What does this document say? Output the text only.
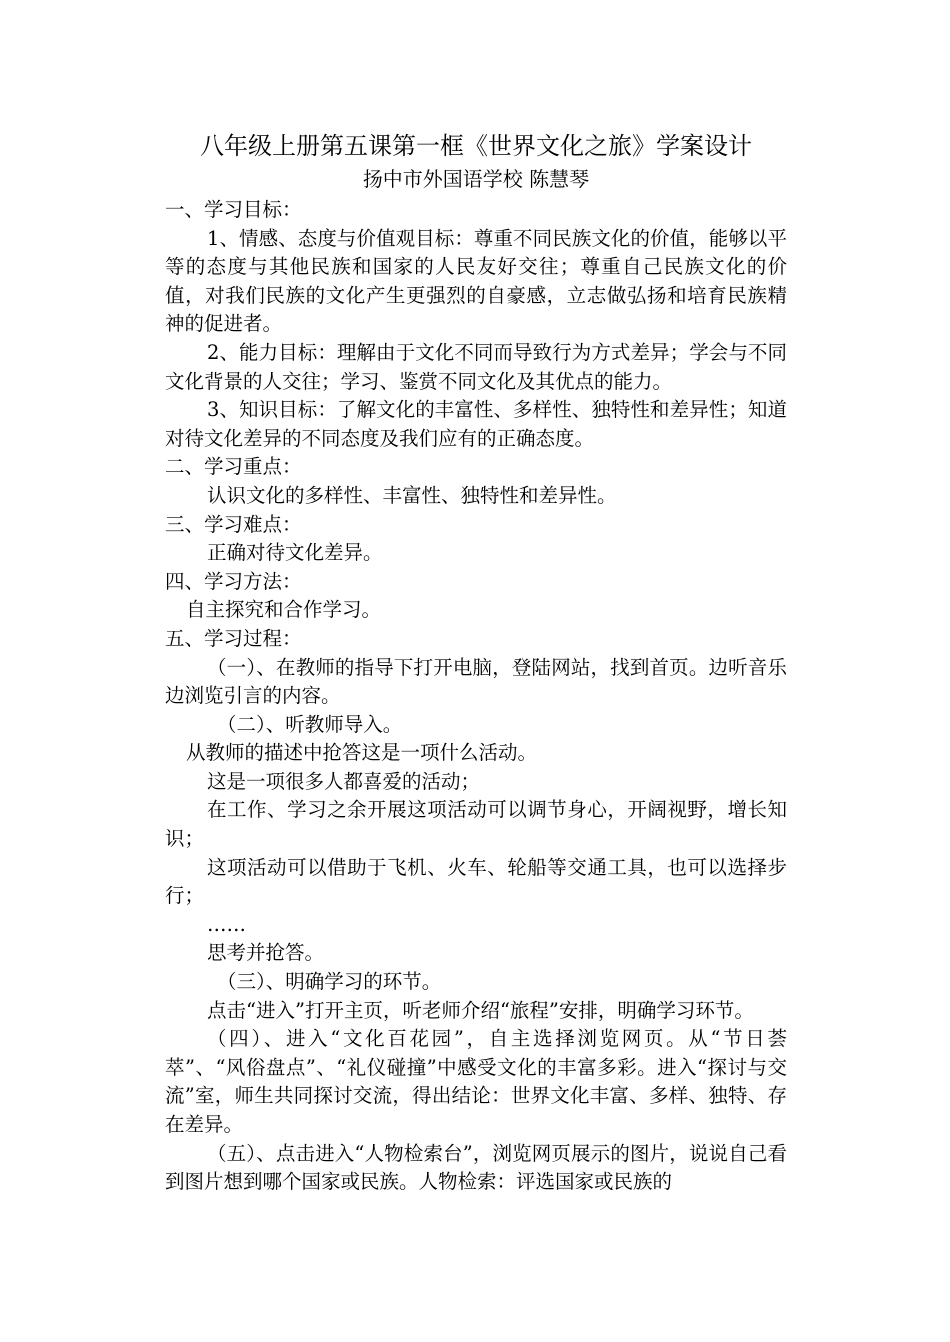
八年级上册第五课第一框《世界文化之旅》学案设计
扬中市外国语学校 陈慧琴

一、学习目标：

1、情感、态度与价值观目标：尊重不同民族文化的价值，能够以平等的态度与其他民族和国家的人民友好交往；尊重自己民族文化的价值，对我们民族的文化产生更强烈的自豪感，立志做弘扬和培育民族精神的促进者。

2、能力目标：理解由于文化不同而导致行为方式差异；学会与不同文化背景的人交往；学习、鉴赏不同文化及其优点的能力。

3、知识目标：了解文化的丰富性、多样性、独特性和差异性；知道对待文化差异的不同态度及我们应有的正确态度。

二、学习重点：

认识文化的多样性、丰富性、独特性和差异性。

三、学习难点：

正确对待文化差异。

四、学习方法：

自主探究和合作学习。

五、学习过程：

（一）、在教师的指导下打开电脑，登陆网站，找到首页。边听音乐边浏览引言的内容。

（二）、听教师导入。

从教师的描述中抢答这是一项什么活动。

这是一项很多人都喜爱的活动；

在工作、学习之余开展这项活动可以调节身心，开阔视野，增长知识；

这项活动可以借助于飞机、火车、轮船等交通工具，也可以选择步行；

……

思考并抢答。

（三）、明确学习的环节。

点击“进入”打开主页，听老师介绍“旅程”安排，明确学习环节。

（四）、进入“文化百花园”，自主选择浏览网页。从“节日荟萃”、“风俗盘点”、“礼仪碰撞”中感受文化的丰富多彩。进入“探讨与交流”室，师生共同探讨交流，得出结论：世界文化丰富、多样、独特、存在差异。

（五）、点击进入“人物检索台”，浏览网页展示的图片，说说自己看到图片想到哪个国家或民族。人物检索：评选国家或民族的
